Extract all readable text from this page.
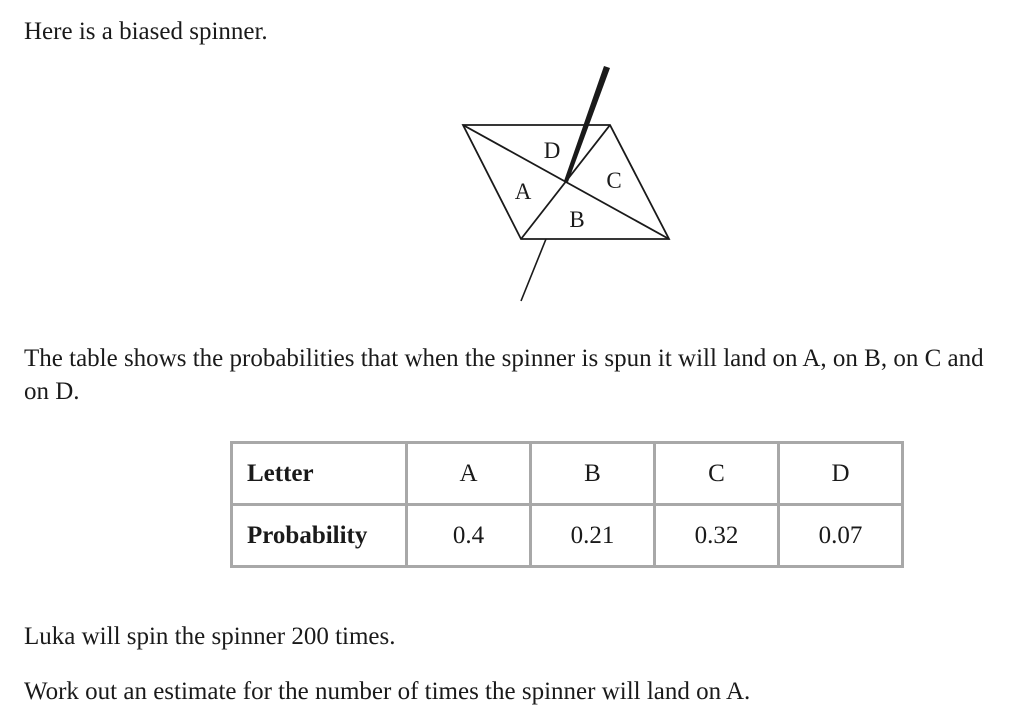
Here is a biased spinner.

D
C
A
B

The table shows the probabilities that when the spinner is spun it will land on A, on B, on C and on D.

Letter	A	B	C	D
Probability	0.4	0.21	0.32	0.07

Luka will spin the spinner 200 times.

Work out an estimate for the number of times the spinner will land on A.
